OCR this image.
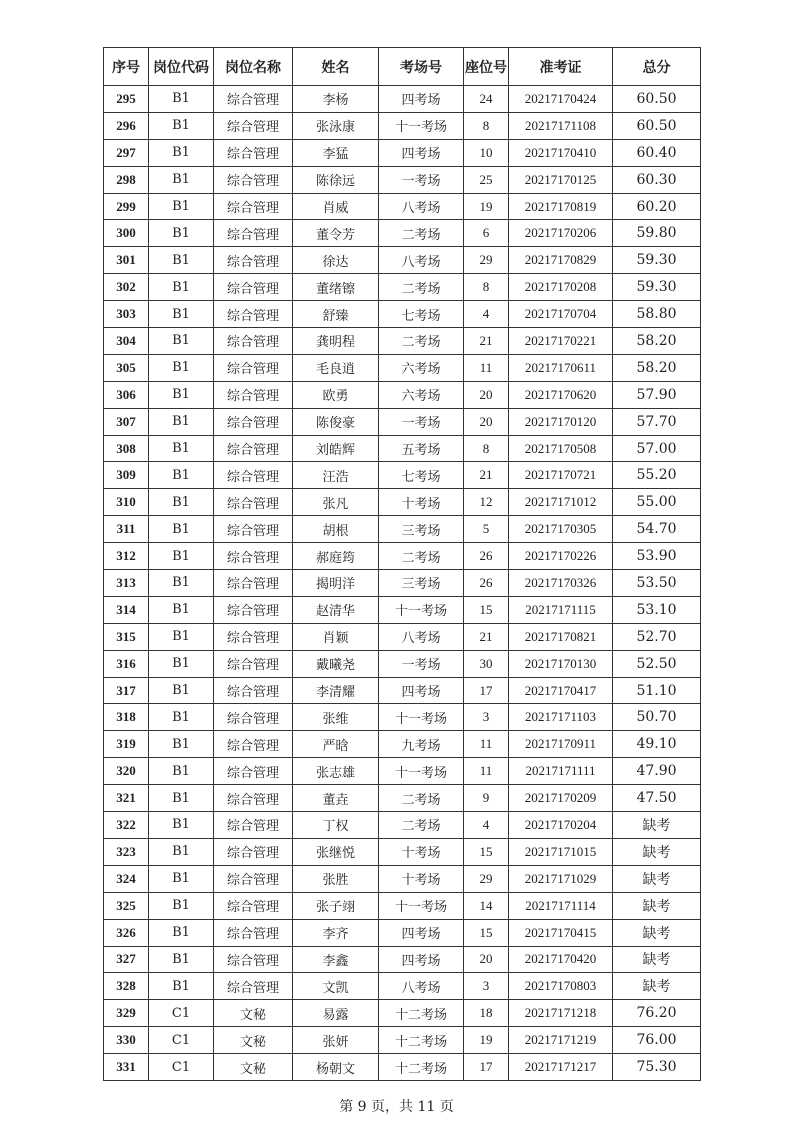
序号	岗位代码	岗位名称	姓名	考场号	座位号	准考证	总分
295	B1	综合管理	李杨	四考场	24	20217170424	60.50
296	B1	综合管理	张泳康	十一考场	8	20217171108	60.50
297	B1	综合管理	李猛	四考场	10	20217170410	60.40
298	B1	综合管理	陈徐远	一考场	25	20217170125	60.30
299	B1	综合管理	肖威	八考场	19	20217170819	60.20
300	B1	综合管理	董令芳	二考场	6	20217170206	59.80
301	B1	综合管理	徐达	八考场	29	20217170829	59.30
302	B1	综合管理	董绪镲	二考场	8	20217170208	59.30
303	B1	综合管理	舒臻	七考场	4	20217170704	58.80
304	B1	综合管理	龚明程	二考场	21	20217170221	58.20
305	B1	综合管理	毛良逍	六考场	11	20217170611	58.20
306	B1	综合管理	欧勇	六考场	20	20217170620	57.90
307	B1	综合管理	陈俊豪	一考场	20	20217170120	57.70
308	B1	综合管理	刘皓辉	五考场	8	20217170508	57.00
309	B1	综合管理	汪浩	七考场	21	20217170721	55.20
310	B1	综合管理	张凡	十考场	12	20217171012	55.00
311	B1	综合管理	胡根	三考场	5	20217170305	54.70
312	B1	综合管理	郝庭筠	二考场	26	20217170226	53.90
313	B1	综合管理	揭明洋	三考场	26	20217170326	53.50
314	B1	综合管理	赵清华	十一考场	15	20217171115	53.10
315	B1	综合管理	肖颖	八考场	21	20217170821	52.70
316	B1	综合管理	戴曦尧	一考场	30	20217170130	52.50
317	B1	综合管理	李清耀	四考场	17	20217170417	51.10
318	B1	综合管理	张维	十一考场	3	20217171103	50.70
319	B1	综合管理	严晗	九考场	11	20217170911	49.10
320	B1	综合管理	张志雄	十一考场	11	20217171111	47.90
321	B1	综合管理	董垚	二考场	9	20217170209	47.50
322	B1	综合管理	丁权	二考场	4	20217170204	缺考
323	B1	综合管理	张继悦	十考场	15	20217171015	缺考
324	B1	综合管理	张胜	十考场	29	20217171029	缺考
325	B1	综合管理	张子翊	十一考场	14	20217171114	缺考
326	B1	综合管理	李齐	四考场	15	20217170415	缺考
327	B1	综合管理	李鑫	四考场	20	20217170420	缺考
328	B1	综合管理	文凯	八考场	3	20217170803	缺考
329	C1	文秘	易露	十二考场	18	20217171218	76.20
330	C1	文秘	张妍	十二考场	19	20217171219	76.00
331	C1	文秘	杨朝文	十二考场	17	20217171217	75.30
第 9 页，共 11 页
